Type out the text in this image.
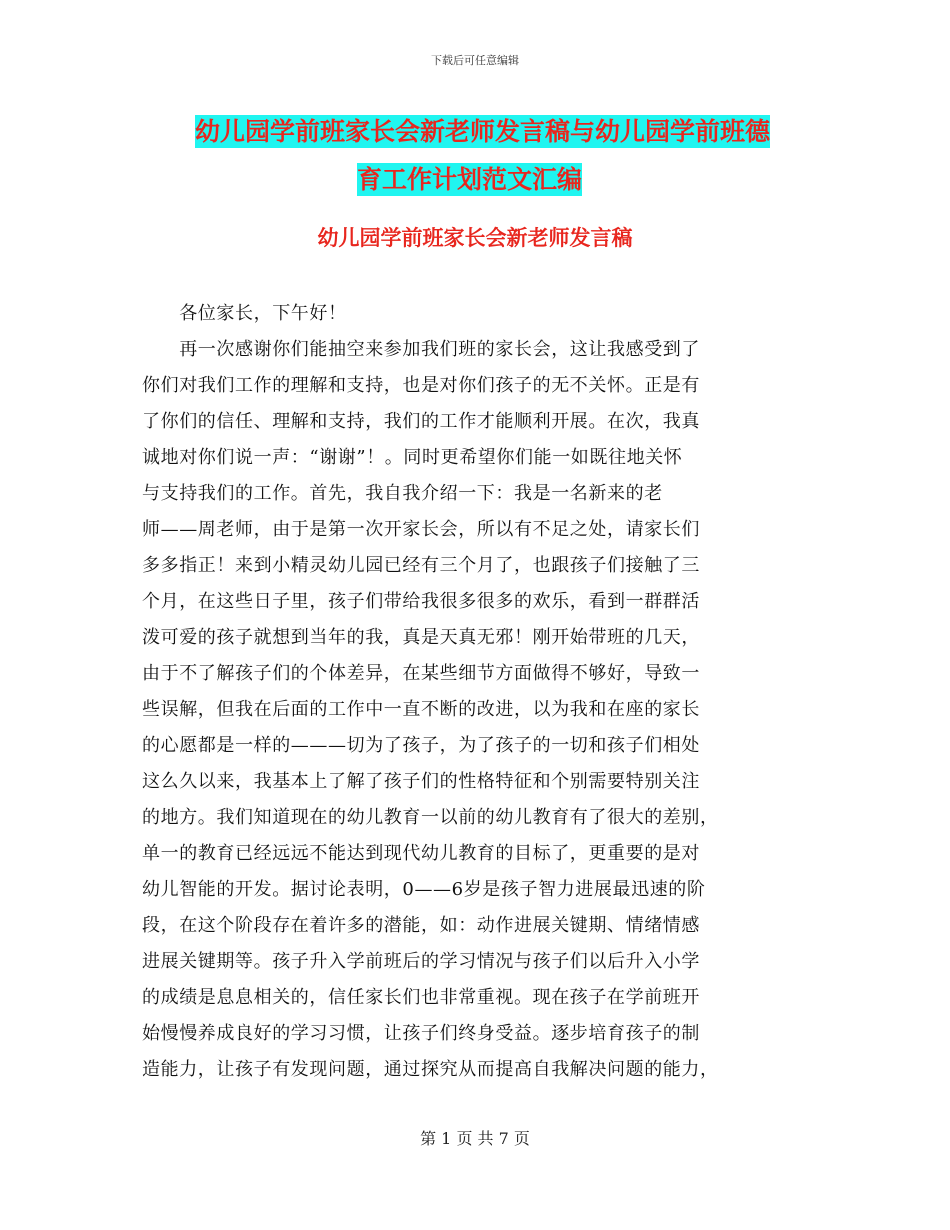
下载后可任意编辑
幼儿园学前班家长会新老师发言稿与幼儿园学前班德
育工作计划范文汇编
幼儿园学前班家长会新老师发言稿
　　各位家长，下午好！
　　再一次感谢你们能抽空来参加我们班的家长会，这让我感受到了
你们对我们工作的理解和支持，也是对你们孩子的无不关怀。正是有
了你们的信任、理解和支持，我们的工作才能顺利开展。在次，我真
诚地对你们说一声：“谢谢”！。同时更希望你们能一如既往地关怀
与支持我们的工作。首先，我自我介绍一下：我是一名新来的老
师——周老师，由于是第一次开家长会，所以有不足之处，请家长们
多多指正！来到小精灵幼儿园已经有三个月了，也跟孩子们接触了三
个月，在这些日子里，孩子们带给我很多很多的欢乐，看到一群群活
泼可爱的孩子就想到当年的我，真是天真无邪！刚开始带班的几天，
由于不了解孩子们的个体差异，在某些细节方面做得不够好，导致一
些误解，但我在后面的工作中一直不断的改进，以为我和在座的家长
的心愿都是一样的———切为了孩子，为了孩子的一切和孩子们相处
这么久以来，我基本上了解了孩子们的性格特征和个别需要特别关注
的地方。我们知道现在的幼儿教育一以前的幼儿教育有了很大的差别，
单一的教育已经远远不能达到现代幼儿教育的目标了，更重要的是对
幼儿智能的开发。据讨论表明，0——6岁是孩子智力进展最迅速的阶
段，在这个阶段存在着许多的潜能，如：动作进展关键期、情绪情感
进展关键期等。孩子升入学前班后的学习情况与孩子们以后升入小学
的成绩是息息相关的，信任家长们也非常重视。现在孩子在学前班开
始慢慢养成良好的学习习惯，让孩子们终身受益。逐步培育孩子的制
造能力，让孩子有发现问题，通过探究从而提高自我解决问题的能力，
第 1 页 共 7 页
